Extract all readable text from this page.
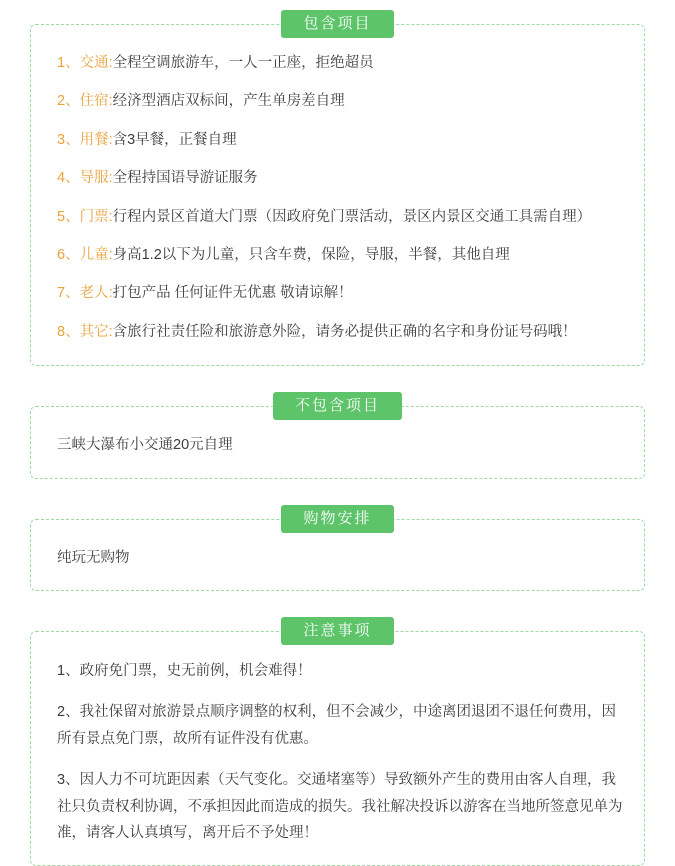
包含项目

1、交通:全程空调旅游车，一人一正座，拒绝超员

2、住宿:经济型酒店双标间，产生单房差自理

3、用餐:含3早餐，正餐自理

4、导服:全程持国语导游证服务

5、门票:行程内景区首道大门票（因政府免门票活动，景区内景区交通工具需自理）

6、儿童:身高1.2以下为儿童，只含车费，保险，导服，半餐，其他自理

7、老人:打包产品 任何证件无优惠 敬请谅解！

8、其它:含旅行社责任险和旅游意外险，请务必提供正确的名字和身份证号码哦！

不包含项目
三峡大瀑布小交通20元自理
购物安排
纯玩无购物
注意事项

1、政府免门票，史无前例，机会难得！

2、我社保留对旅游景点顺序调整的权利，但不会减少，中途离团退团不退任何费用，因所有景点免门票，故所有证件没有优惠。

3、因人力不可坑距因素（天气变化。交通堵塞等）导致额外产生的费用由客人自理，我社只负责权利协调，不承担因此而造成的损失。我社解决投诉以游客在当地所签意见单为准，请客人认真填写，离开后不予处理！
